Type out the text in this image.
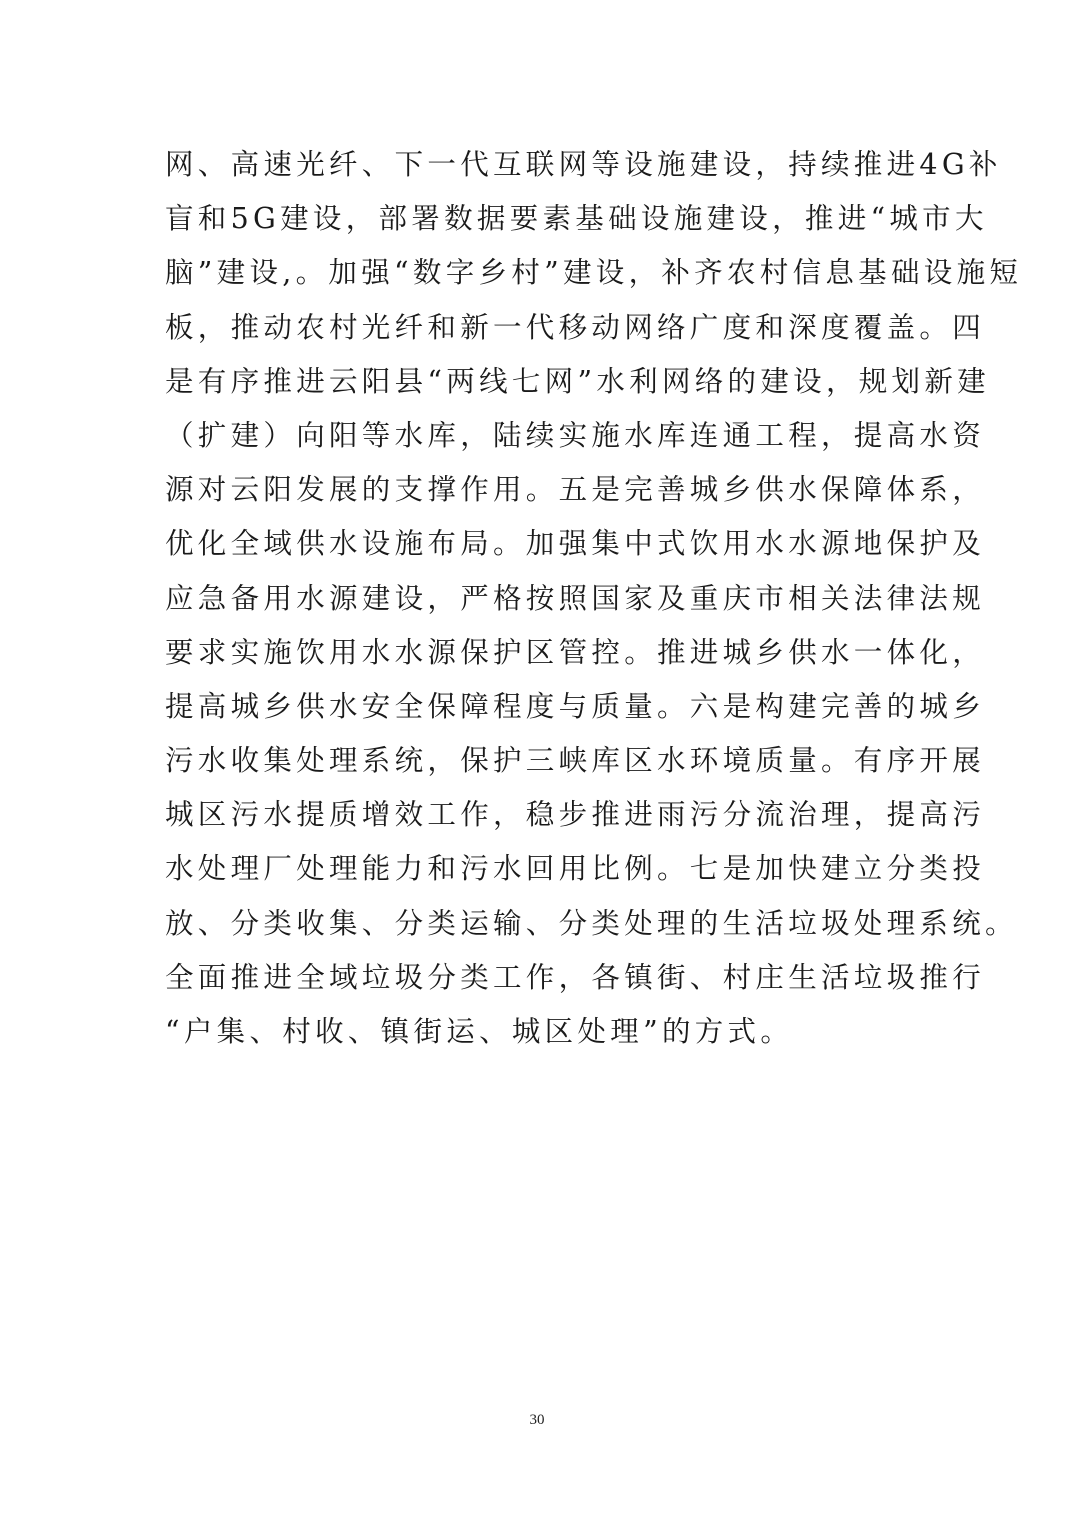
网、高速光纤、下一代互联网等设施建设，持续推进4G补
盲和5G建设，部署数据要素基础设施建设，推进“城市大
脑”建设,。加强“数字乡村”建设，补齐农村信息基础设施短
板，推动农村光纤和新一代移动网络广度和深度覆盖。四
是有序推进云阳县“两线七网”水利网络的建设，规划新建
（扩建）向阳等水库，陆续实施水库连通工程，提高水资
源对云阳发展的支撑作用。五是完善城乡供水保障体系，
优化全域供水设施布局。加强集中式饮用水水源地保护及
应急备用水源建设，严格按照国家及重庆市相关法律法规
要求实施饮用水水源保护区管控。推进城乡供水一体化，
提高城乡供水安全保障程度与质量。六是构建完善的城乡
污水收集处理系统，保护三峡库区水环境质量。有序开展
城区污水提质增效工作，稳步推进雨污分流治理，提高污
水处理厂处理能力和污水回用比例。七是加快建立分类投
放、分类收集、分类运输、分类处理的生活垃圾处理系统。
全面推进全域垃圾分类工作，各镇街、村庄生活垃圾推行
“户集、村收、镇街运、城区处理”的方式。
30
